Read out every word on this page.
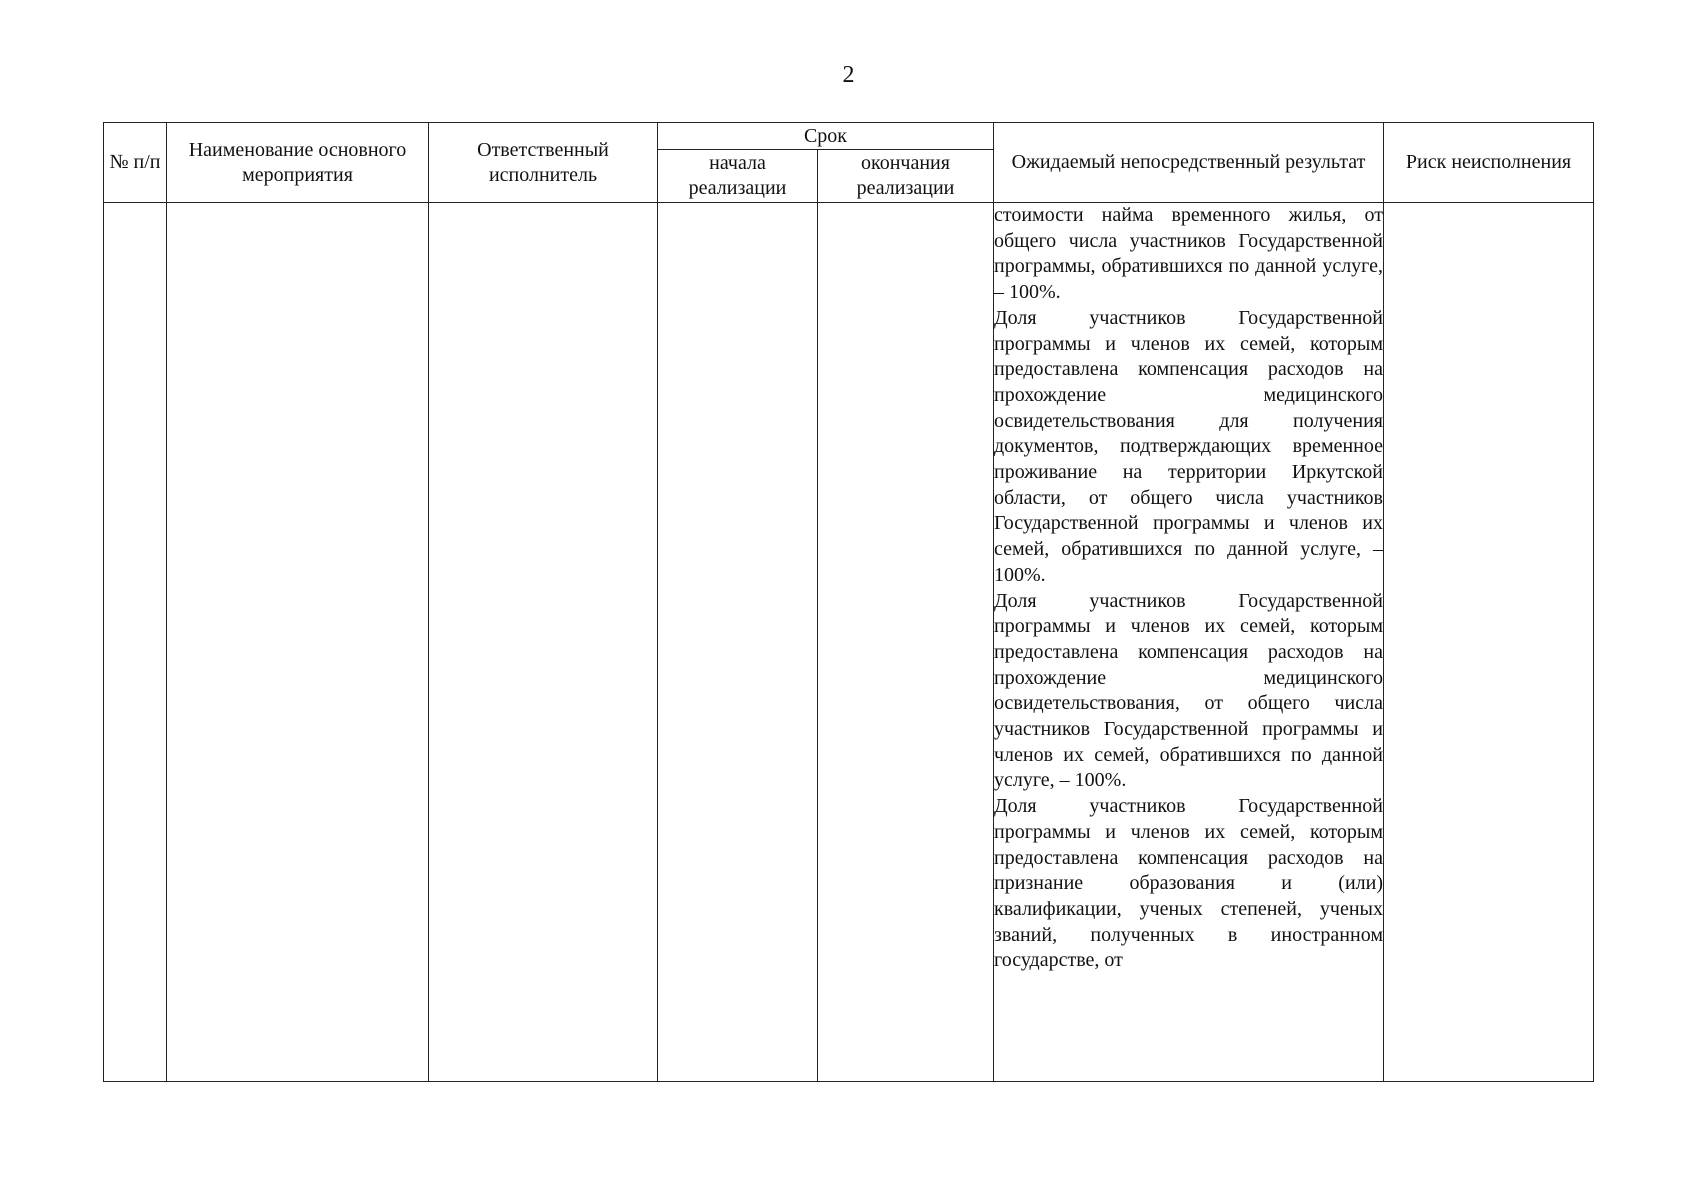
2
№ п/п	Наименование основного мероприятия	Ответственный исполнитель	Срок		Ожидаемый непосредственный результат	Риск неисполнения
			начала реализации	окончания реализации		

					стоимости найма временного жилья, от общего числа участников Государственной программы, обратившихся по данной услуге, – 100%.

Доля участников Государственной программы и членов их семей, которым предоставлена компенсация расходов на прохождение медицинского освидетельствования для получения документов, подтверждающих временное проживание на территории Иркутской области, от общего числа участников Государственной программы и членов их семей, обратившихся по данной услуге, – 100%.

Доля участников Государственной программы и членов их семей, которым предоставлена компенсация расходов на прохождение медицинского освидетельствования, от общего числа участников Государственной программы и членов их семей, обратившихся по данной услуге, – 100%.

Доля участников Государственной программы и членов их семей, которым предоставлена компенсация расходов на признание образования и (или) квалификации, ученых степеней, ученых званий, полученных в иностранном государстве, от	
